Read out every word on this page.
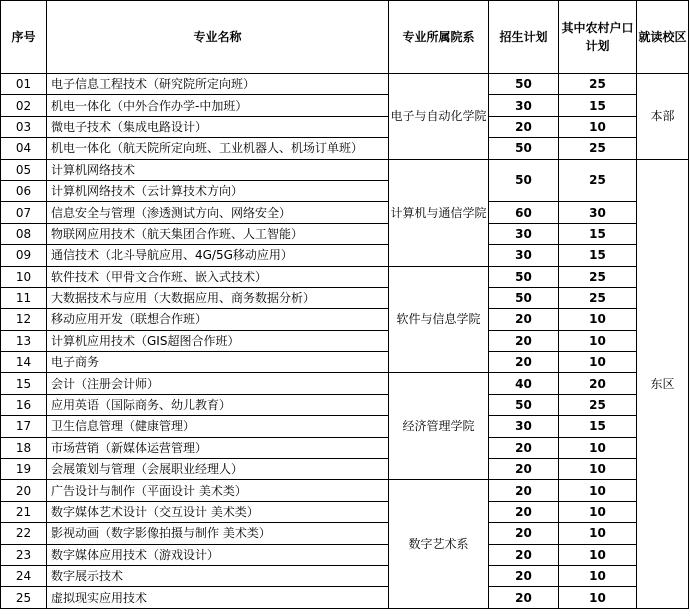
序号	专业名称	专业所属院系	招生计划	其中农村户口计划	就读校区
01	电子信息工程技术（研究院所定向班）	电子与自动化学院	50	25	本部
02	机电一体化（中外合作办学-中加班）		30	15	
03	微电子技术（集成电路设计）		20	10	
04	机电一体化（航天院所定向班、工业机器人、机场订单班）		50	25	
05	计算机网络技术	计算机与通信学院	50	25	东区
06	计算机网络技术（云计算技术方向）				
07	信息安全与管理（渗透测试方向、网络安全）		60	30	
08	物联网应用技术（航天集团合作班、人工智能）		30	15	
09	通信技术（北斗导航应用、4G/5G移动应用）		30	15	
10	软件技术（甲骨文合作班、嵌入式技术）	软件与信息学院	50	25	
11	大数据技术与应用（大数据应用、商务数据分析）		50	25	
12	移动应用开发（联想合作班）		20	10	
13	计算机应用技术（GIS超图合作班）		20	10	
14	电子商务		20	10	
15	会计（注册会计师）	经济管理学院	40	20	
16	应用英语（国际商务、幼儿教育）		50	25	
17	卫生信息管理（健康管理）		30	15	
18	市场营销（新媒体运营管理）		20	10	
19	会展策划与管理（会展职业经理人）		20	10	
20	广告设计与制作（平面设计 美术类）	数字艺术系	20	10	
21	数字媒体艺术设计（交互设计 美术类）		20	10	
22	影视动画（数字影像拍摄与制作 美术类）		20	10	
23	数字媒体应用技术（游戏设计）		20	10	
24	数字展示技术		20	10	
25	虚拟现实应用技术		20	10	
